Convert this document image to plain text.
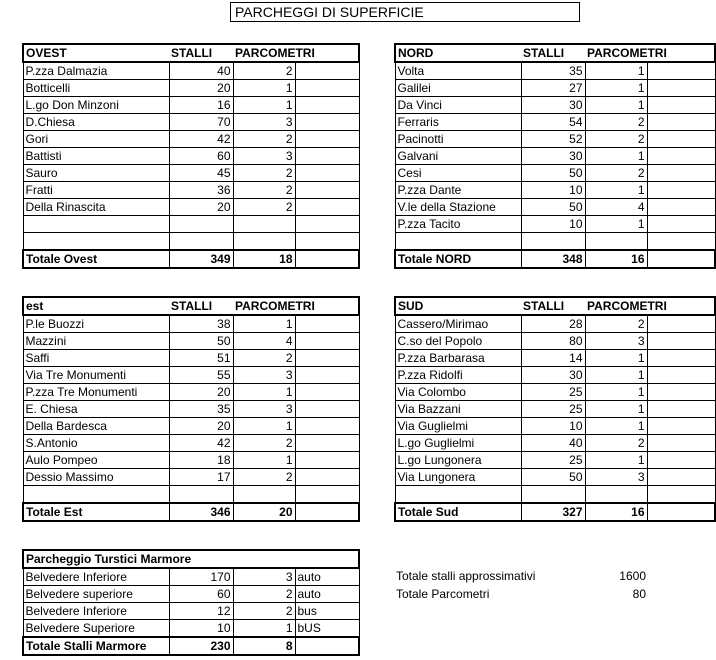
PARCHEGGI DI SUPERFICIE
OVEST	STALLI	PARCOMETRI	
P.zza Dalmazia	40	2	
Botticelli	20	1	
L.go Don Minzoni	16	1	
D.Chiesa	70	3	
Gori	42	2	
Battisti	60	3	
Sauro	45	2	
Fratti	36	2	
Della Rinascita	20	2	

Totale Ovest	349	18	
NORD	STALLI	PARCOMETRI	
Volta	35	1	
Galilei	27	1	
Da Vinci	30	1	
Ferraris	54	2	
Pacinotti	52	2	
Galvani	30	1	
Cesi	50	2	
P.zza Dante	10	1	
V.le della Stazione	50	4	
P.zza Tacito	10	1	

Totale NORD	348	16	
est	STALLI	PARCOMETRI	
P.le Buozzi	38	1	
Mazzini	50	4	
Saffi	51	2	
Via Tre Monumenti	55	3	
P.zza Tre Monumenti	20	1	
E. Chiesa	35	3	
Della Bardesca	20	1	
S.Antonio	42	2	
Aulo Pompeo	18	1	
Dessio Massimo	17	2	

Totale Est	346	20	
SUD	STALLI	PARCOMETRI	
Cassero/Mirimao	28	2	
C.so del Popolo	80	3	
P.zza Barbarasa	14	1	
P.zza Ridolfi	30	1	
Via Colombo	25	1	
Via Bazzani	25	1	
Via Guglielmi	10	1	
L.go Guglielmi	40	2	
L.go Lungonera	25	1	
Via Lungonera	50	3	

Totale Sud	327	16	
Parcheggio Turstici Marmore			
Belvedere Inferiore	170	3	auto
Belvedere superiore	60	2	auto
Belvedere Inferiore	12	2	bus
Belvedere Superiore	10	1	bUS
Totale Stalli Marmore	230	8	
Totale stalli approssimativi	1600
Totale Parcometri	80
